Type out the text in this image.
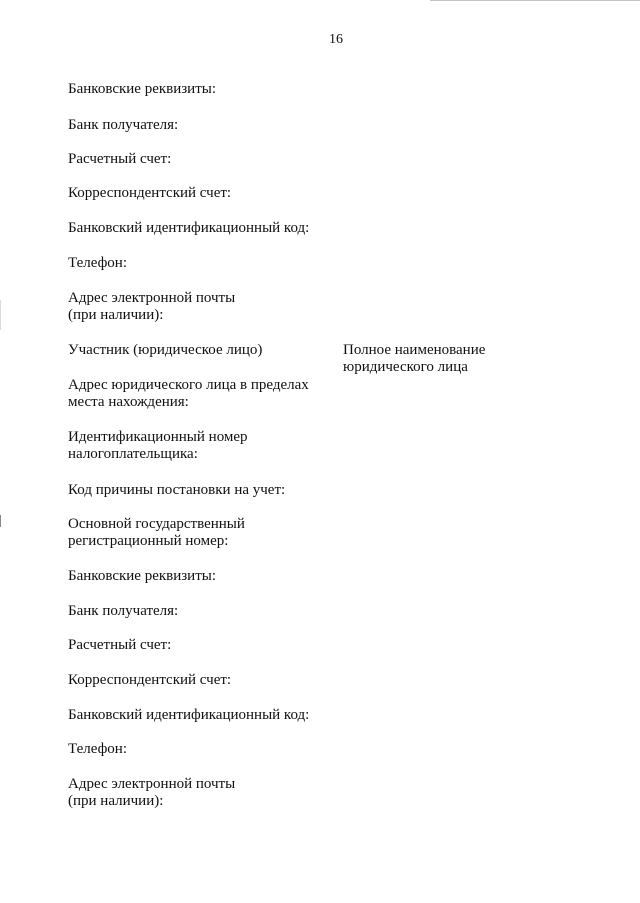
16
Банковские реквизиты:
Банк получателя:
Расчетный счет:
Корреспондентский счет:
Банковский идентификационный код:
Телефон:
Адрес электронной почты
(при наличии):
Участник (юридическое лицо)	Полное наименование
юридического лица
Адрес юридического лица в пределах
места нахождения:
Идентификационный номер
налогоплательщика:
Код причины постановки на учет:
Основной государственный
регистрационный номер:
Банковские реквизиты:
Банк получателя:
Расчетный счет:
Корреспондентский счет:
Банковский идентификационный код:
Телефон:
Адрес электронной почты
(при наличии):
